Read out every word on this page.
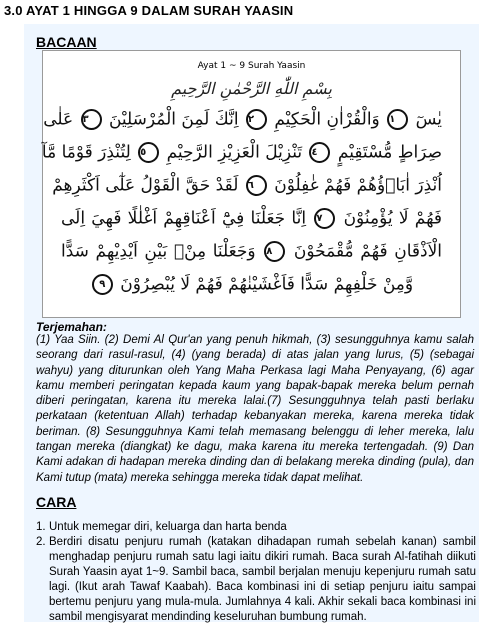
3.0 AYAT 1 HINGGA 9 DALAM SURAH YAASIN
BACAAN
Ayat 1 ~ 9 Surah Yaasin
بِسْمِ اللّٰهِ الرَّحْمٰنِ الرَّحِيمِ
يٰسٓ ١ وَالْقُرْاٰنِ الْحَكِيْمِ ٢ اِنَّكَ لَمِنَ الْمُرْسَلِيْنَ ٣ عَلٰى
صِرَاطٍ مُّسْتَقِيْمٍ ٤ تَنْزِيْلَ الْعَزِيْزِ الرَّحِيْمِ ٥ لِتُنْذِرَ قَوْمًا مَّآ
اُنْذِرَ اٰبَاۤؤُهُمْ فَهُمْ غٰفِلُوْنَ ٦ لَقَدْ حَقَّ الْقَوْلُ عَلٰٓى اَكْثَرِهِمْ
فَهُمْ لَا يُؤْمِنُوْنَ ٧ اِنَّا جَعَلْنَا فِيْٓ اَعْنَاقِهِمْ اَغْلٰلًا فَهِيَ اِلَى
الْاَذْقَانِ فَهُمْ مُّقْمَحُوْنَ ٨ وَجَعَلْنَا مِنْۢ بَيْنِ اَيْدِيْهِمْ سَدًّا
وَّمِنْ خَلْفِهِمْ سَدًّا فَاَغْشَيْنٰهُمْ فَهُمْ لَا يُبْصِرُوْنَ ٩
Terjemahan:

(1) Yaa Siin. (2) Demi Al Qur'an yang penuh hikmah, (3) sesungguhnya kamu salah seorang dari rasul-rasul, (4) (yang berada) di atas jalan yang lurus, (5) (sebagai wahyu) yang diturunkan oleh Yang Maha Perkasa lagi Maha Penyayang, (6) agar kamu memberi peringatan kepada kaum yang bapak-bapak mereka belum pernah diberi peringatan, karena itu mereka lalai.(7) Sesungguhnya telah pasti berlaku perkataan (ketentuan Allah) terhadap kebanyakan mereka, karena mereka tidak beriman. (8) Sesungguhnya Kami telah memasang belenggu di leher mereka, lalu tangan mereka (diangkat) ke dagu, maka karena itu mereka tertengadah. (9) Dan Kami adakan di hadapan mereka dinding dan di belakang mereka dinding (pula), dan Kami tutup (mata) mereka sehingga mereka tidak dapat melihat.

CARA
1. Untuk memegar diri, keluarga dan harta benda
2. Berdiri disatu penjuru rumah (katakan dihadapan rumah sebelah kanan) sambil menghadap penjuru rumah satu lagi iaitu dikiri rumah. Baca surah Al-fatihah diikuti Surah Yaasin ayat 1~9. Sambil baca, sambil berjalan menuju kepenjuru rumah satu lagi. (Ikut arah Tawaf Kaabah). Baca kombinasi ini di setiap penjuru iaitu sampai bertemu penjuru yang mula-mula. Jumlahnya 4 kali. Akhir sekali baca kombinasi ini sambil mengisyarat mendinding keseluruhan bumbung rumah.
